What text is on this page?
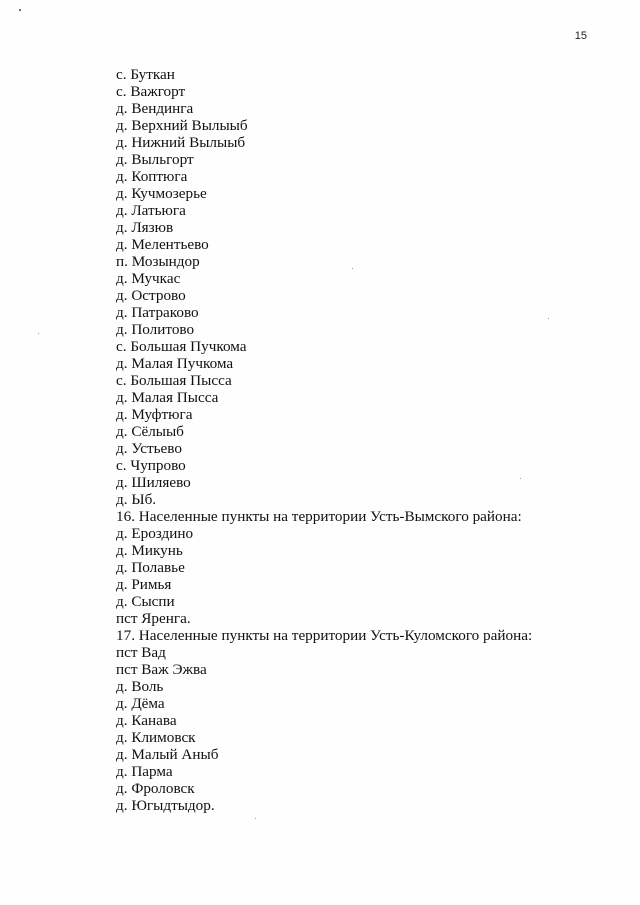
15
с. Буткан
с. Важгорт
д. Вендинга
д. Верхний Вылыыб
д. Нижний Вылыыб
д. Выльгорт
д. Коптюга
д. Кучмозерье
д. Латьюга
д. Лязюв
д. Мелентьево
п. Мозындор
д. Мучкас
д. Острово
д. Патраково
д. Политово
с. Большая Пучкома
д. Малая Пучкома
с. Большая Пысса
д. Малая Пысса
д. Муфтюга
д. Сёлыыб
д. Устьево
с. Чупрово
д. Шиляево
д. Ыб.
16. Населенные пункты на территории Усть-Вымского района:
д. Ероздино
д. Микунь
д. Полавье
д. Римья
д. Сыспи
пст Яренга.
17. Населенные пункты на территории Усть-Куломского района:
пст Вад
пст Важ Эжва
д. Воль
д. Дёма
д. Канава
д. Климовск
д. Малый Аныб
д. Парма
д. Фроловск
д. Югыдтыдор.
